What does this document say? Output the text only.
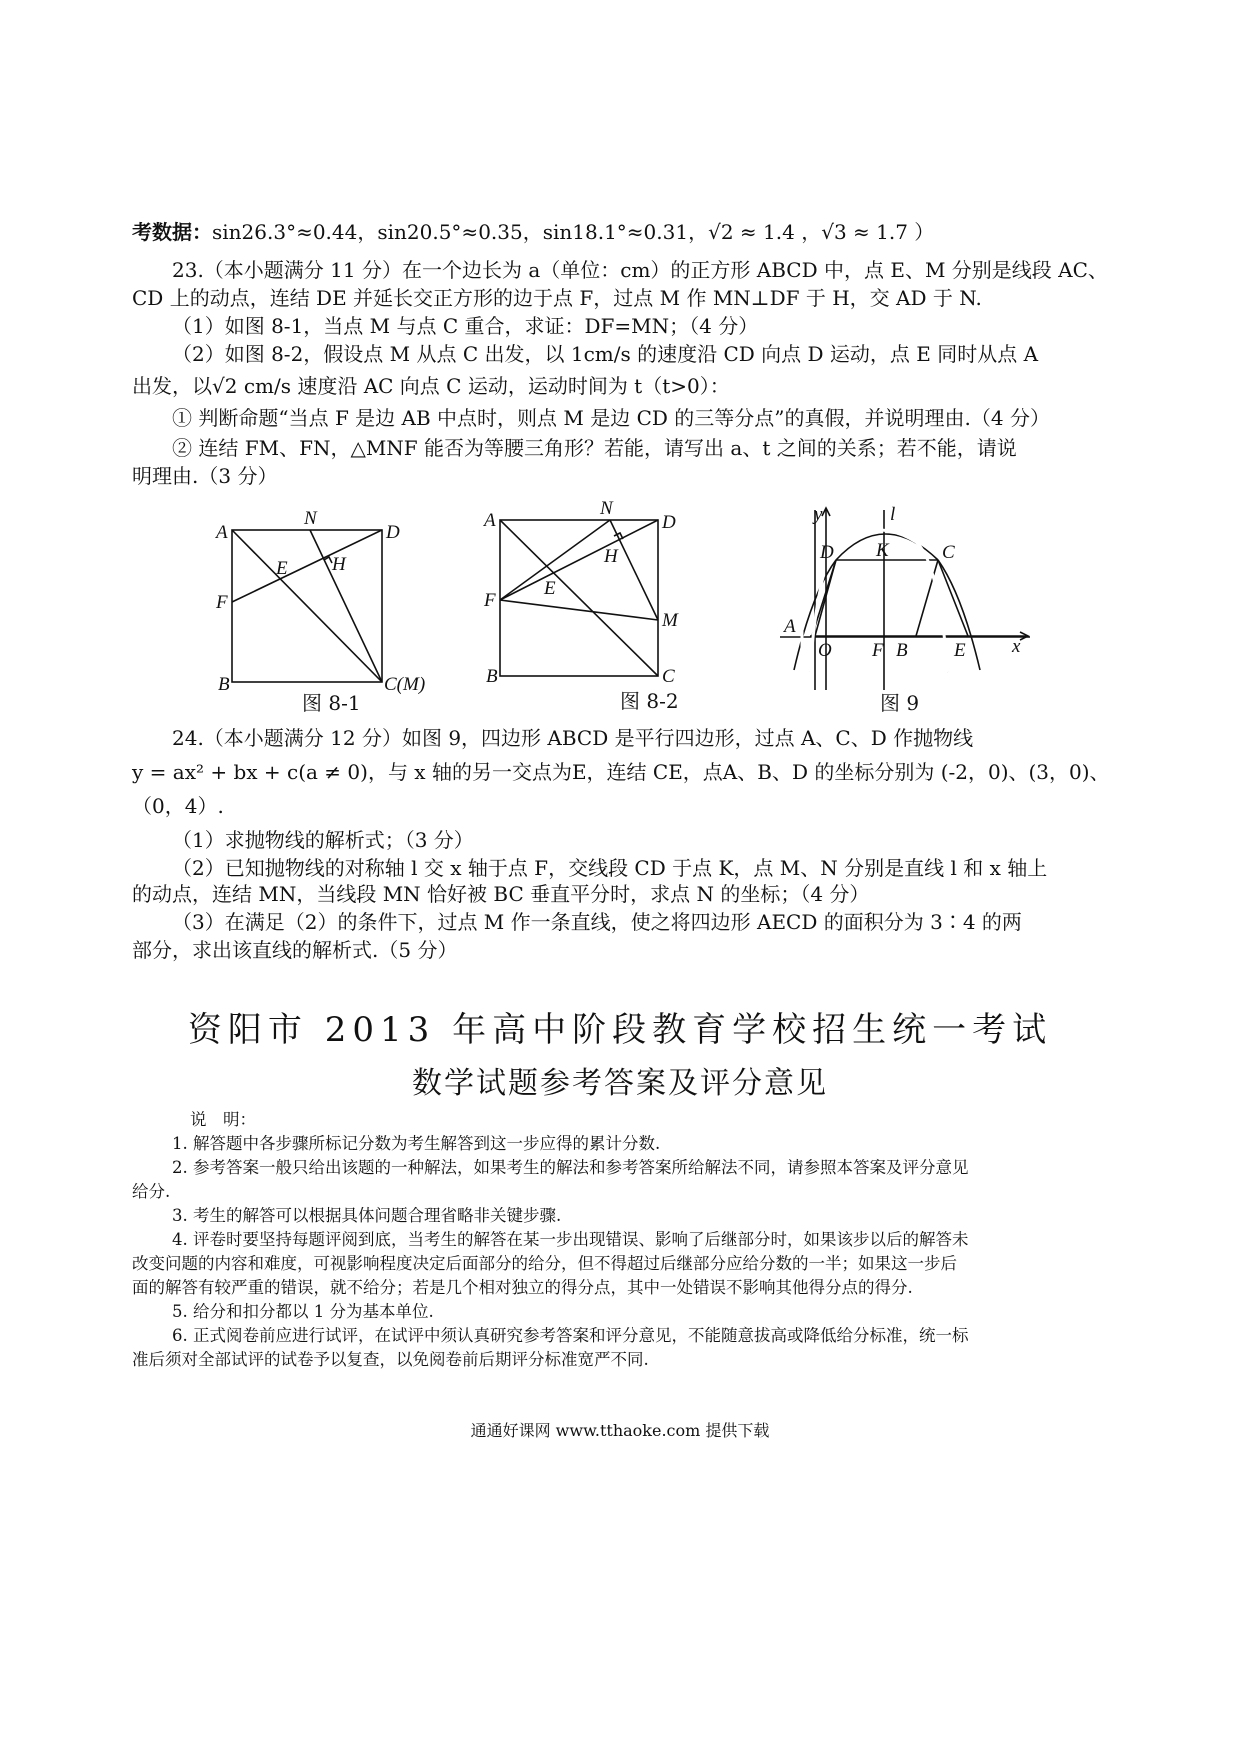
考数据：sin26.3°≈0.44，sin20.5°≈0.35，sin18.1°≈0.31，√2 ≈ 1.4 ，√3 ≈ 1.7 ）
23.（本小题满分 11 分）在一个边长为 a（单位：cm）的正方形 ABCD 中，点 E、M 分别是线段 AC、
CD 上的动点，连结 DE 并延长交正方形的边于点 F，过点 M 作 MN⊥DF 于 H，交 AD 于 N.
（1）如图 8-1，当点 M 与点 C 重合，求证：DF=MN；（4 分）
（2）如图 8-2，假设点 M 从点 C 出发，以 1cm/s 的速度沿 CD 向点 D 运动，点 E 同时从点 A
出发，以√2 cm/s 速度沿 AC 向点 C 运动，运动时间为 t（t>0）：
① 判断命题“当点 F 是边 AB 中点时，则点 M 是边 CD 的三等分点”的真假，并说明理由.（4 分）
② 连结 FM、FN，△MNF 能否为等腰三角形？若能，请写出 a、t 之间的关系；若不能，请说
明理由.（3 分）
A
N
D
E H
F
B	C(M)
图 8-1
A
N
D
H
E
F
M
B	C
图 8-2
y	l
D K	C
A
O F B E x
图 9
24.（本小题满分 12 分）如图 9，四边形 ABCD 是平行四边形，过点 A、C、D 作抛物线
y = ax² + bx + c(a ≠ 0)，与 x 轴的另一交点为E，连结 CE，点A、B、D 的坐标分别为 (-2，0)、(3，0)、
（0，4）.
（1）求抛物线的解析式；（3 分）
（2）已知抛物线的对称轴 l 交 x 轴于点 F，交线段 CD 于点 K，点 M、N 分别是直线 l 和 x 轴上
的动点，连结 MN，当线段 MN 恰好被 BC 垂直平分时，求点 N 的坐标；（4 分）
（3）在满足（2）的条件下，过点 M 作一条直线，使之将四边形 AECD 的面积分为 3∶4 的两
部分，求出该直线的解析式.（5 分）
资阳市 2013 年高中阶段教育学校招生统一考试
数学试题参考答案及评分意见
说　明：
1. 解答题中各步骤所标记分数为考生解答到这一步应得的累计分数.
2. 参考答案一般只给出该题的一种解法，如果考生的解法和参考答案所给解法不同，请参照本答案及评分意见
给分.
3. 考生的解答可以根据具体问题合理省略非关键步骤.
4. 评卷时要坚持每题评阅到底，当考生的解答在某一步出现错误、影响了后继部分时，如果该步以后的解答未
改变问题的内容和难度，可视影响程度决定后面部分的给分，但不得超过后继部分应给分数的一半；如果这一步后
面的解答有较严重的错误，就不给分；若是几个相对独立的得分点，其中一处错误不影响其他得分点的得分.
5. 给分和扣分都以 1 分为基本单位.
6. 正式阅卷前应进行试评，在试评中须认真研究参考答案和评分意见，不能随意拔高或降低给分标准，统一标
准后须对全部试评的试卷予以复查，以免阅卷前后期评分标准宽严不同.
通通好课网 www.tthaoke.com 提供下载
